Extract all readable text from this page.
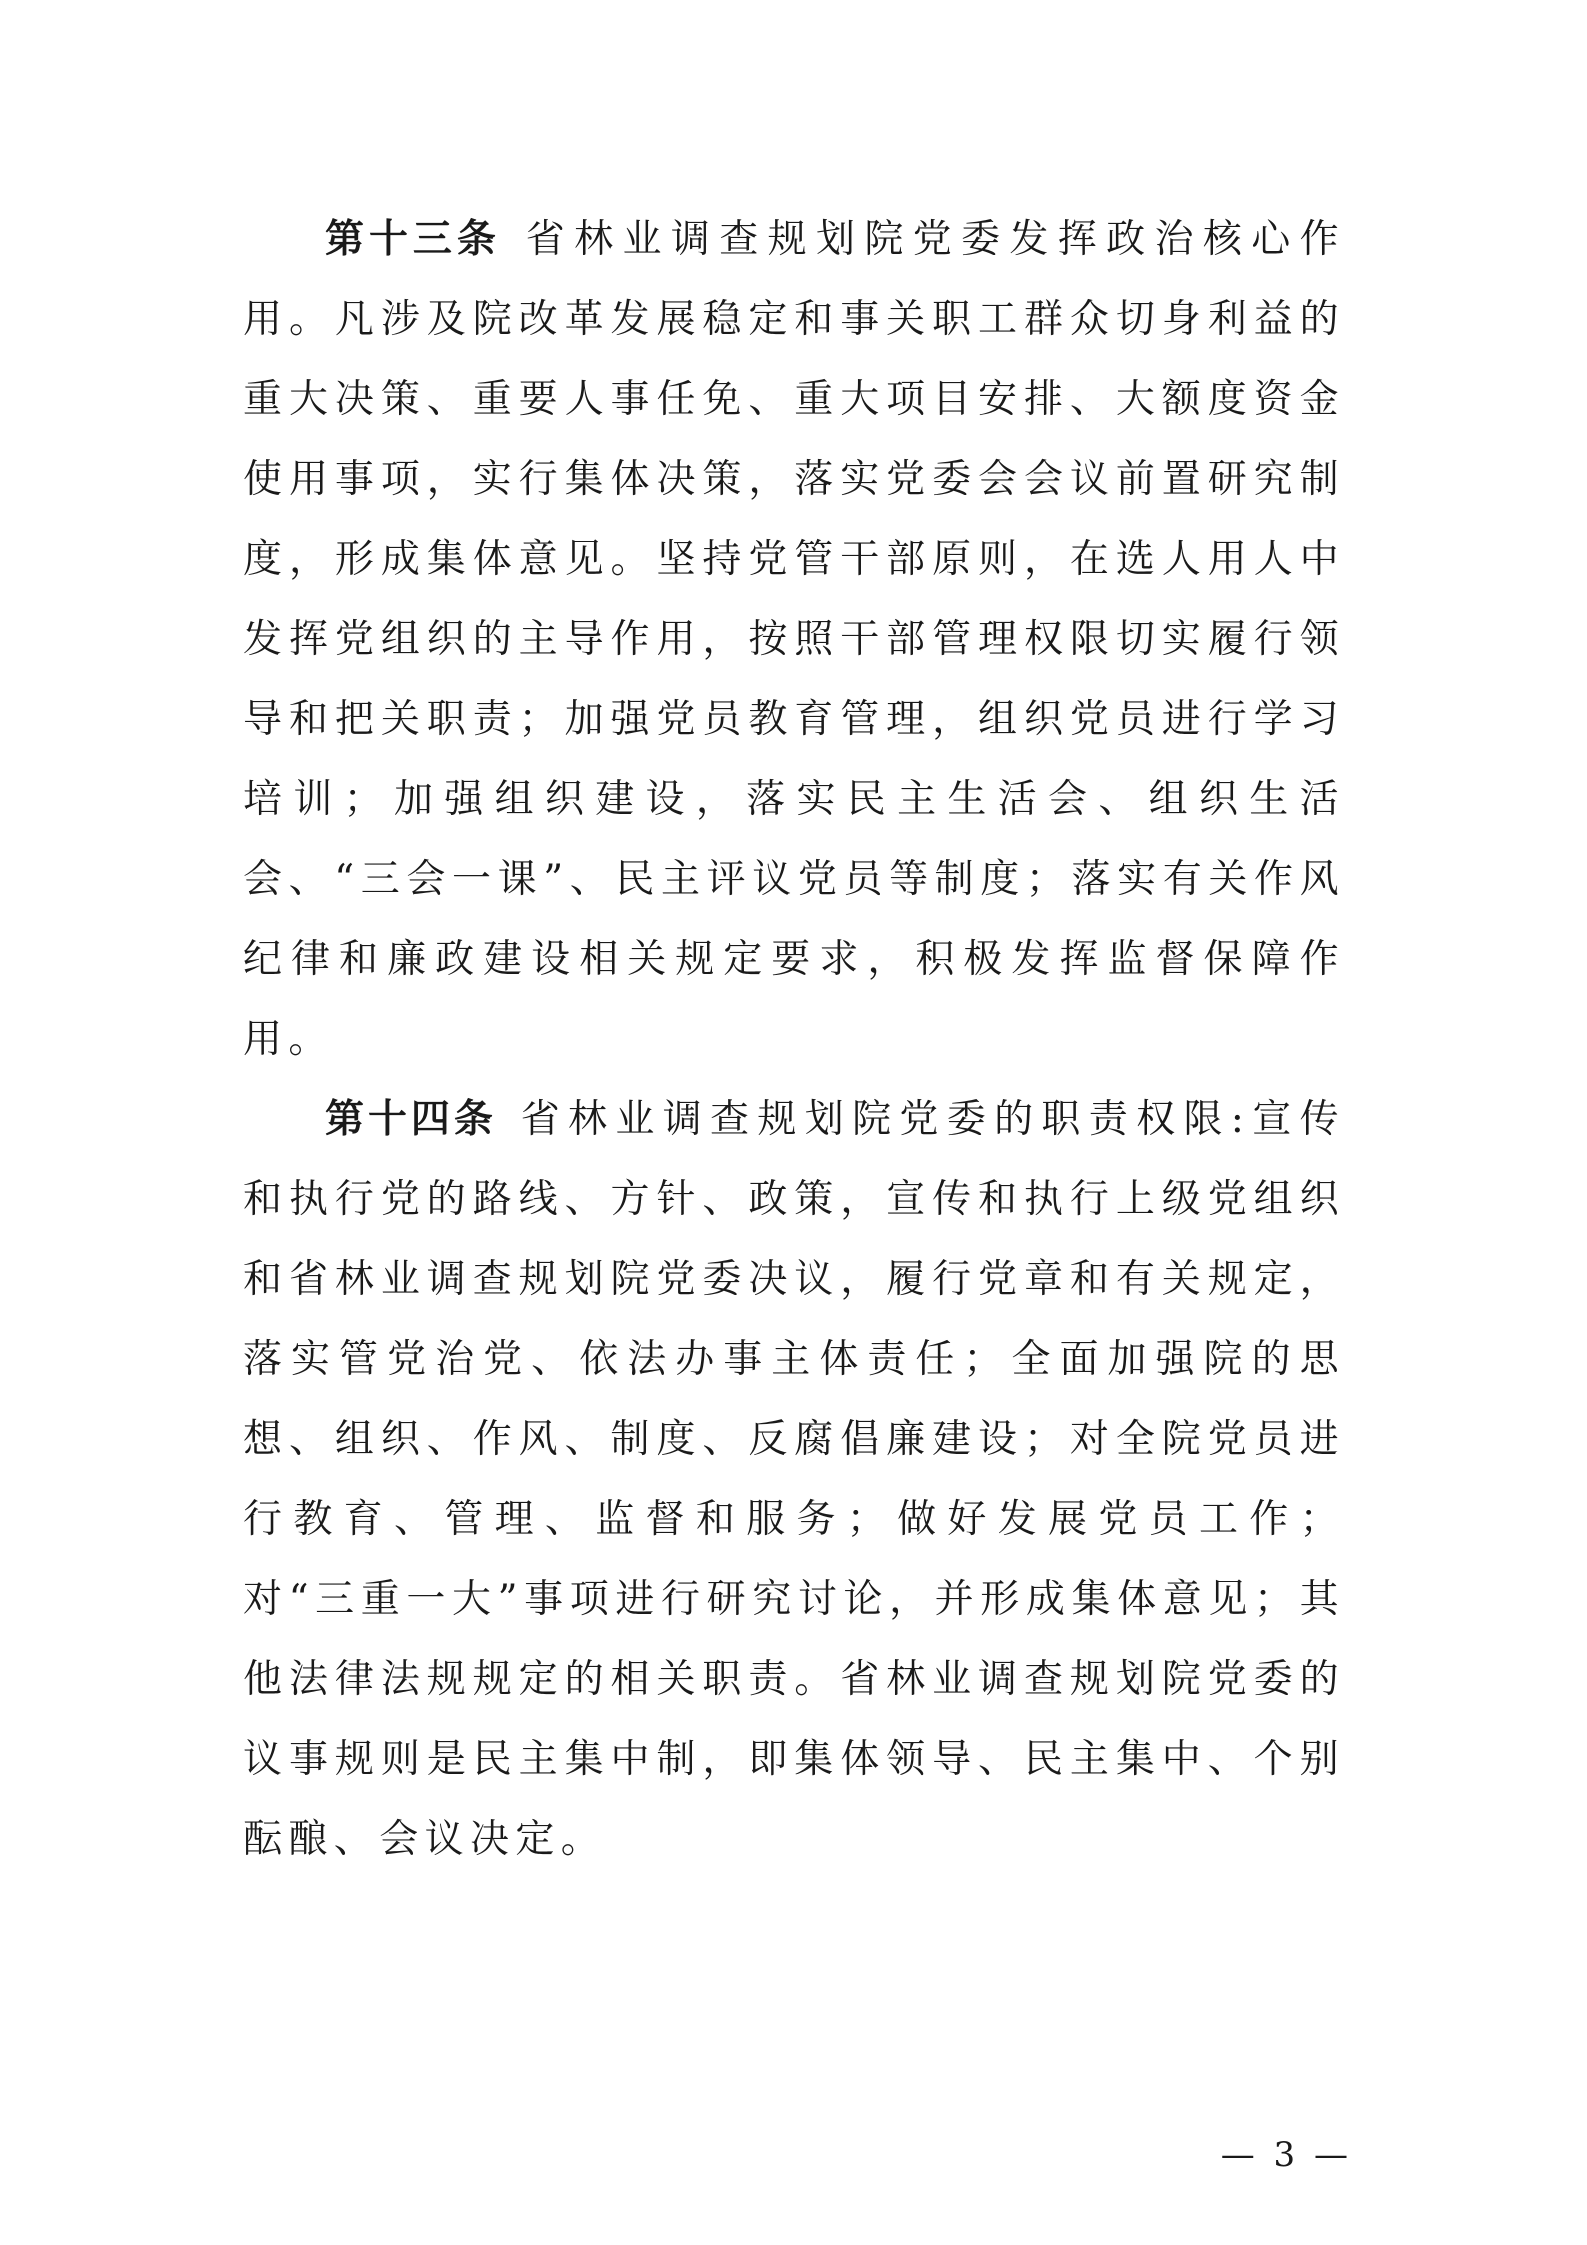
第十三条 省林业调查规划院党委发挥政治核心作用。凡涉及院改革发展稳定和事关职工群众切身利益的重大决策、重要人事任免、重大项目安排、大额度资金使用事项，实行集体决策，落实党委会会议前置研究制度，形成集体意见。坚持党管干部原则，在选人用人中发挥党组织的主导作用，按照干部管理权限切实履行领导和把关职责；加强党员教育管理，组织党员进行学习培训；加强组织建设，落实民主生活会、组织生活会、“三会一课”、民主评议党员等制度；落实有关作风纪律和廉政建设相关规定要求，积极发挥监督保障作用。

第十四条 省林业调查规划院党委的职责权限:宣传和执行党的路线、方针、政策，宣传和执行上级党组织和省林业调查规划院党委决议，履行党章和有关规定，落实管党治党、依法办事主体责任；全面加强院的思想、组织、作风、制度、反腐倡廉建设；对全院党员进行教育、管理、监督和服务；做好发展党员工作；对“三重一大”事项进行研究讨论，并形成集体意见；其他法律法规规定的相关职责。省林业调查规划院党委的议事规则是民主集中制，即集体领导、民主集中、个别酝酿、会议决定。

— 3 —
